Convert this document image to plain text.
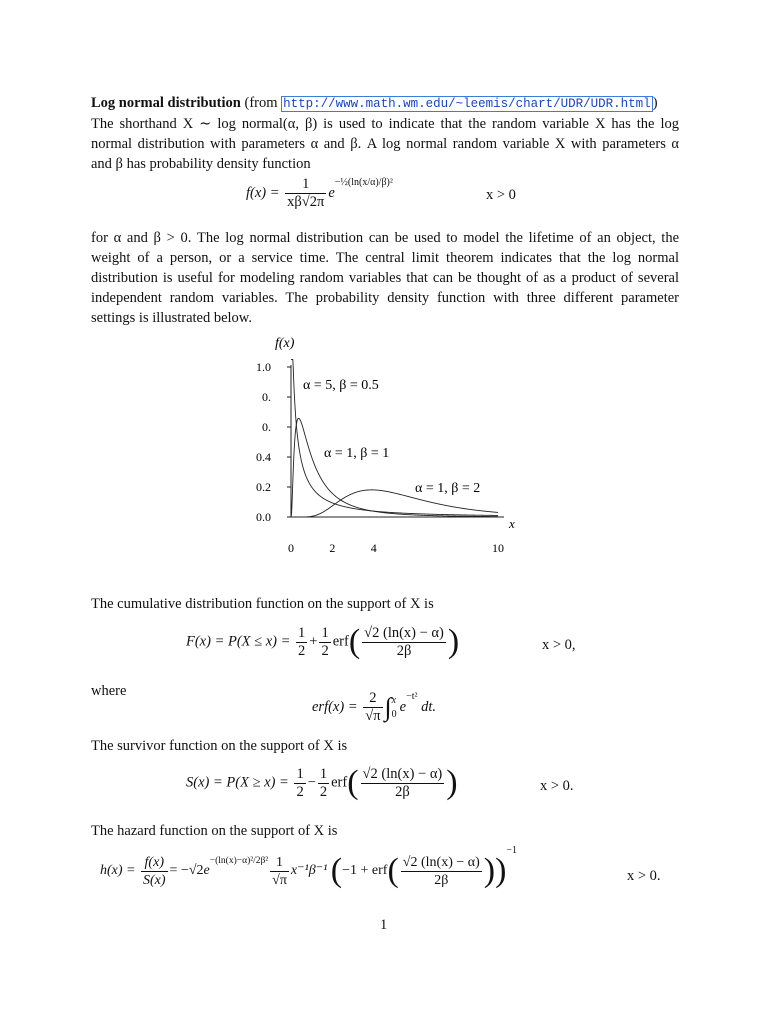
Log normal distribution (from http://www.math.wm.edu/~leemis/chart/UDR/UDR.html )
The shorthand X ∼ log normal(α, β) is used to indicate that the random variable X has the log
normal distribution with parameters α and β. A log normal random variable X with parameters α
and β has probability density function
$f(x) = \frac{1}{x\beta√2\pi} e^{-\frac{1}{2}(ln(x/\alpha)/\beta)^2}$
x > 0
for α and β > 0. The log normal distribution can be used to model the lifetime of an object, the
weight of a person, or a service time. The central limit theorem indicates that the log normal
distribution is useful for modeling random variables that can be thought of as a product of several
independent random variables. The probability density function with three different parameter
settings is illustrated below.
0.0
0.2
0.4
0.
0.
1.0
0	2	4	10
f(x)
x
α = 5, β = 0.5
α = 1, β = 1
α = 1, β = 2
The cumulative distribution function on the support of X is
$F(x) = P(X \le x) = \frac{1}{2} + \frac{1}{2} erf( \frac{√2 (\ln(x) - \alpha)}{2\beta}$ )	x > 0,
where
$erf(x) = \frac{2}{√\pi}$ ∫ x
0 $e^{-t^2}$ dt.
The survivor function on the support of X is
$S(x) = P(X \ge x) = \frac{1}{2} - \frac{1}{2} erf( \frac{√2 (\ln(x) - \alpha)}{2\beta}$ )	x > 0.
The hazard function on the support of X is
$h(x) = \frac{f(x)}{S(x)} = -√2e^{-(ln(x)-\alpha)^2/2\beta^2} \frac{1}{√\pi} x^{-1}\beta^{-1}$ $(-1 + erf( \frac{√2 (\ln(x) - \alpha)}{2\beta} ))^{-1}$
x > 0.
1
